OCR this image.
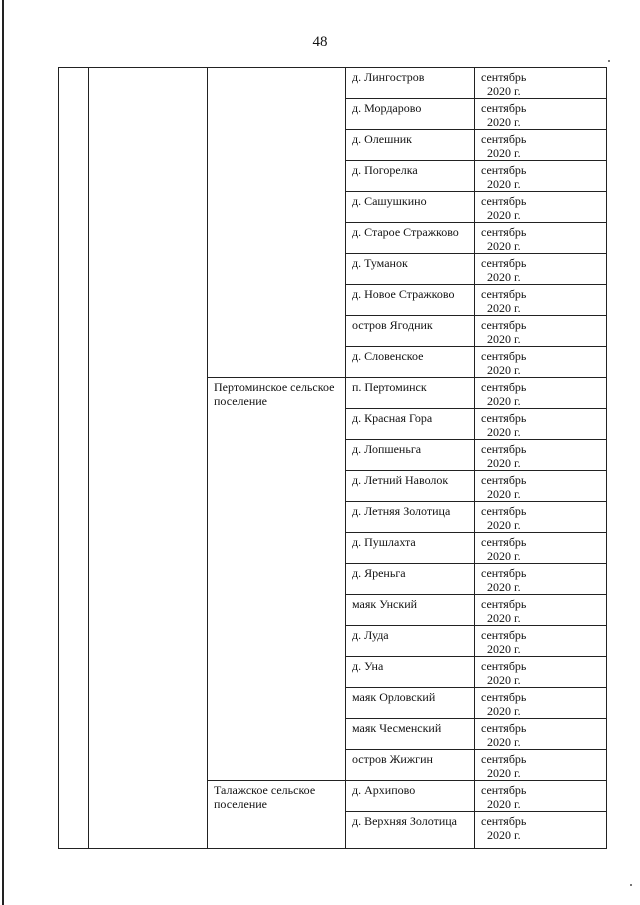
48
			д. Лингостров	сентябрь
2020 г.

			д. Мордарово	сентябрь
2020 г.

			д. Олешник	сентябрь
2020 г.

			д. Погорелка	сентябрь
2020 г.

			д. Сашушкино	сентябрь
2020 г.

			д. Старое Стражково	сентябрь
2020 г.

			д. Туманок	сентябрь
2020 г.

			д. Новое Стражково	сентябрь
2020 г.

			остров Ягодник	сентябрь
2020 г.

			д. Словенское	сентябрь
2020 г.

		Пертоминское сельское поселение	п. Пертоминск	сентябрь
2020 г.

			д. Красная Гора	сентябрь
2020 г.

			д. Лопшеньга	сентябрь
2020 г.

			д. Летний Наволок	сентябрь
2020 г.

			д. Летняя Золотица	сентябрь
2020 г.

			д. Пушлахта	сентябрь
2020 г.

			д. Яреньга	сентябрь
2020 г.

			маяк Унский	сентябрь
2020 г.

			д. Луда	сентябрь
2020 г.

			д. Уна	сентябрь
2020 г.

			маяк Орловский	сентябрь
2020 г.

			маяк Чесменский	сентябрь
2020 г.

			остров Жижгин	сентябрь
2020 г.

		Талажское сельское поселение	д. Архипово	сентябрь
2020 г.

			д. Верхняя Золотица	сентябрь
2020 г.
